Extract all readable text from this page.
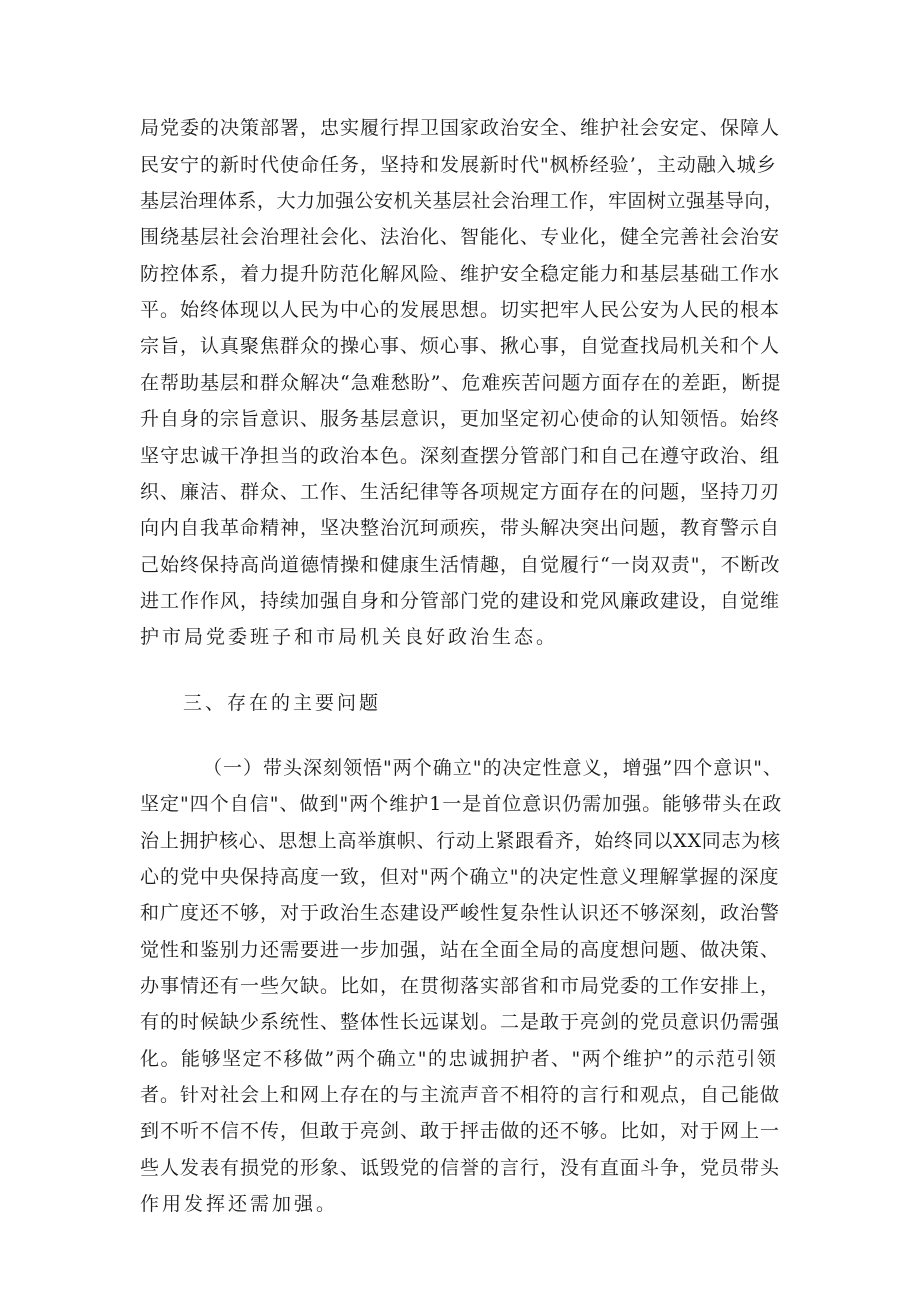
局党委的决策部署，忠实履行捍卫国家政治安全、维护社会安定、保障人
民安宁的新时代使命任务，坚持和发展新时代"枫桥经验’，主动融入城乡
基层治理体系，大力加强公安机关基层社会治理工作，牢固树立强基导向，
围绕基层社会治理社会化、法治化、智能化、专业化，健全完善社会治安
防控体系，着力提升防范化解风险、维护安全稳定能力和基层基础工作水
平。始终体现以人民为中心的发展思想。切实把牢人民公安为人民的根本
宗旨，认真聚焦群众的操心事、烦心事、揪心事，自觉查找局机关和个人
在帮助基层和群众解决“急难愁盼”、危难疾苦问题方面存在的差距，断提
升自身的宗旨意识、服务基层意识，更加坚定初心使命的认知领悟。始终
坚守忠诚干净担当的政治本色。深刻查摆分管部门和自己在遵守政治、组
织、廉洁、群众、工作、生活纪律等各项规定方面存在的问题，坚持刀刃
向内自我革命精神，坚决整治沉珂顽疾，带头解决突出问题，教育警示自
己始终保持高尚道德情操和健康生活情趣，自觉履行“一岗双责"，不断改
进工作作风，持续加强自身和分管部门党的建设和党风廉政建设，自觉维
护市局党委班子和市局机关良好政治生态。
三、存在的主要问题
（一）带头深刻领悟"两个确立"的决定性意义，增强”四个意识"、
坚定"四个自信"、做到"两个维护1一是首位意识仍需加强。能够带头在政
治上拥护核心、思想上高举旗帜、行动上紧跟看齐，始终同以XX同志为核
心的党中央保持高度一致，但对"两个确立"的决定性意义理解掌握的深度
和广度还不够，对于政治生态建设严峻性复杂性认识还不够深刻，政治警
觉性和鉴别力还需要进一步加强，站在全面全局的高度想问题、做决策、
办事情还有一些欠缺。比如，在贯彻落实部省和市局党委的工作安排上，
有的时候缺少系统性、整体性长远谋划。二是敢于亮剑的党员意识仍需强
化。能够坚定不移做”两个确立"的忠诚拥护者、"两个维护”的示范引领
者。针对社会上和网上存在的与主流声音不相符的言行和观点，自己能做
到不听不信不传，但敢于亮剑、敢于抨击做的还不够。比如，对于网上一
些人发表有损党的形象、诋毁党的信誉的言行，没有直面斗争，党员带头
作用发挥还需加强。
